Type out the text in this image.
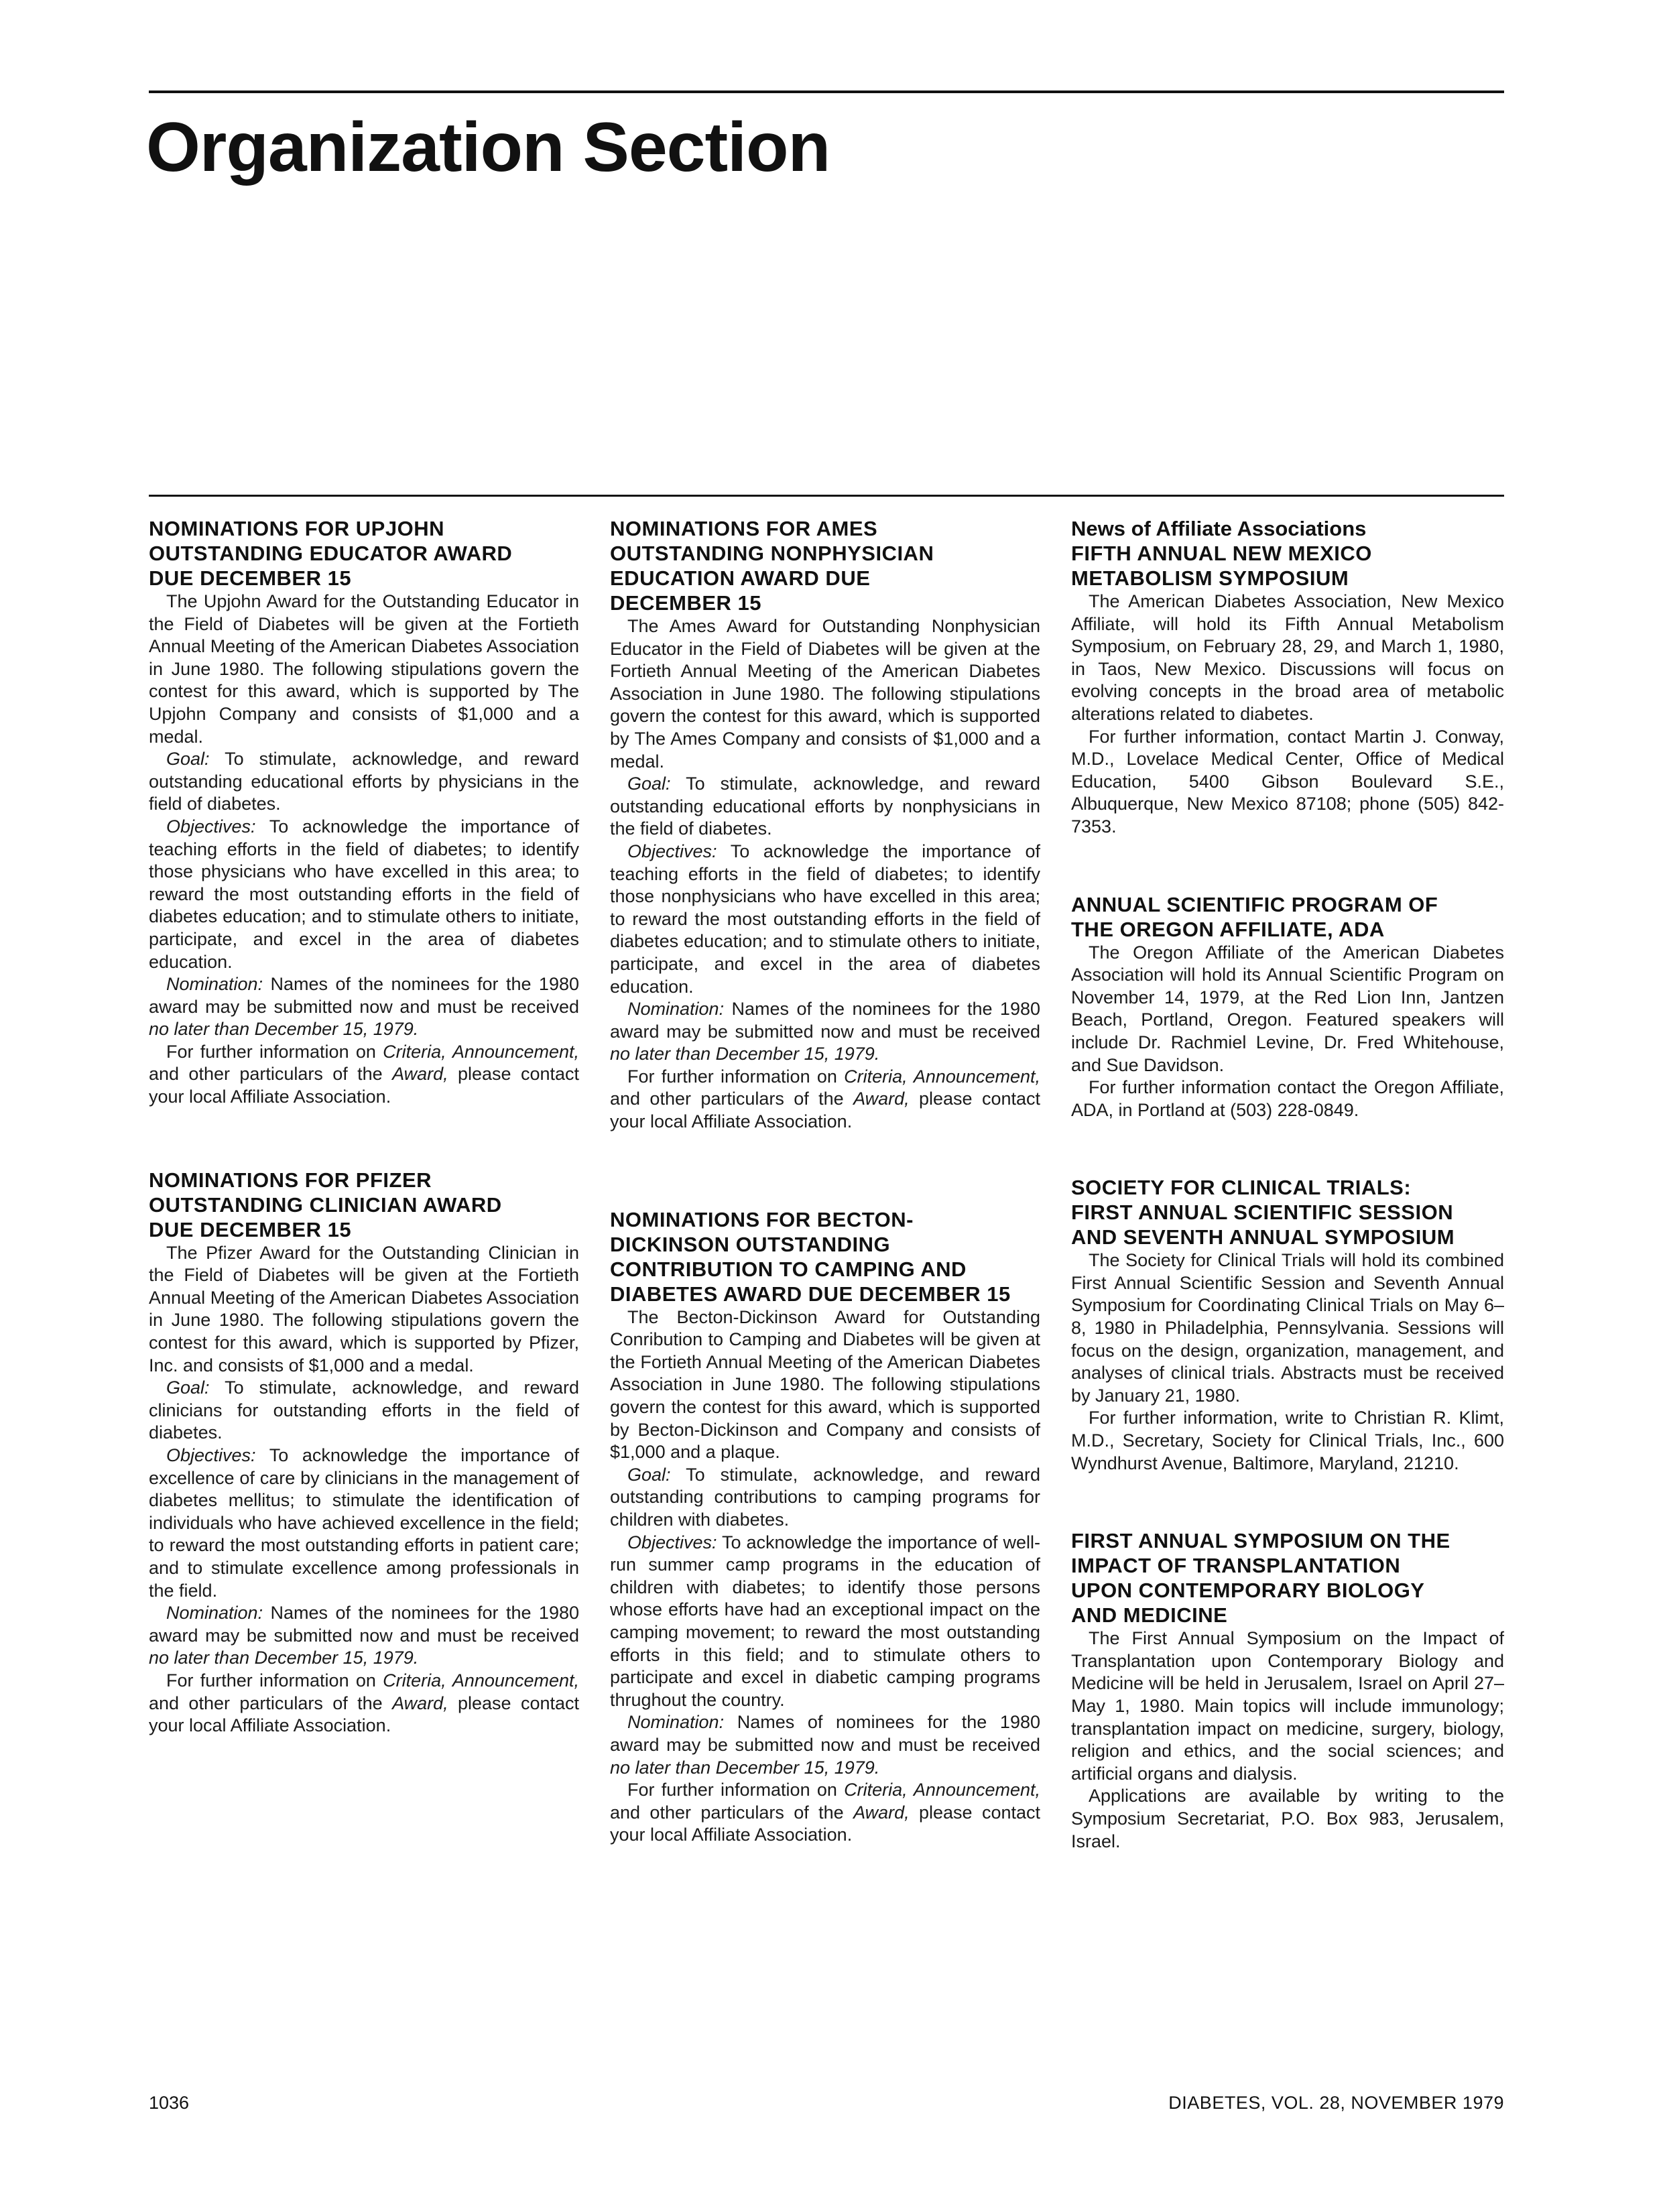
Organization Section
NOMINATIONS FOR UPJOHN
OUTSTANDING EDUCATOR AWARD
DUE DECEMBER 15

The Upjohn Award for the Outstanding Educator in the Field of Diabetes will be given at the Fortieth Annual Meeting of the American Diabetes Association in June 1980. The following stipulations govern the contest for this award, which is supported by The Upjohn Company and consists of $1,000 and a medal.

Goal: To stimulate, acknowledge, and reward outstanding educational efforts by physicians in the field of diabetes.

Objectives: To acknowledge the importance of teaching efforts in the field of diabetes; to identify those physicians who have excelled in this area; to reward the most outstanding efforts in the field of diabetes education; and to stimulate others to initiate, participate, and excel in the area of diabetes education.

Nomination: Names of the nominees for the 1980 award may be submitted now and must be received no later than December 15, 1979.

For further information on Criteria, Announcement, and other particulars of the Award, please contact your local Affiliate Association.

NOMINATIONS FOR PFIZER
OUTSTANDING CLINICIAN AWARD
DUE DECEMBER 15

The Pfizer Award for the Outstanding Clinician in the Field of Diabetes will be given at the Fortieth Annual Meeting of the American Diabetes Association in June 1980. The following stipulations govern the contest for this award, which is supported by Pfizer, Inc. and consists of $1,000 and a medal.

Goal: To stimulate, acknowledge, and reward clinicians for outstanding efforts in the field of diabetes.

Objectives: To acknowledge the importance of excellence of care by clinicians in the management of diabetes mellitus; to stimulate the identification of individuals who have achieved excellence in the field; to reward the most outstanding efforts in patient care; and to stimulate excellence among professionals in the field.

Nomination: Names of the nominees for the 1980 award may be submitted now and must be received no later than December 15, 1979.

For further information on Criteria, Announcement, and other particulars of the Award, please contact your local Affiliate Association.

NOMINATIONS FOR AMES
OUTSTANDING NONPHYSICIAN
EDUCATION AWARD DUE
DECEMBER 15

The Ames Award for Outstanding Nonphysician Educator in the Field of Diabetes will be given at the Fortieth Annual Meeting of the American Diabetes Association in June 1980. The following stipulations govern the contest for this award, which is supported by The Ames Company and consists of $1,000 and a medal.

Goal: To stimulate, acknowledge, and reward outstanding educational efforts by nonphysicians in the field of diabetes.

Objectives: To acknowledge the importance of teaching efforts in the field of diabetes; to identify those nonphysicians who have excelled in this area; to reward the most outstanding efforts in the field of diabetes education; and to stimulate others to initiate, participate, and excel in the area of diabetes education.

Nomination: Names of the nominees for the 1980 award may be submitted now and must be received no later than December 15, 1979.

For further information on Criteria, Announcement, and other particulars of the Award, please contact your local Affiliate Association.

NOMINATIONS FOR BECTON-
DICKINSON OUTSTANDING
CONTRIBUTION TO CAMPING AND
DIABETES AWARD DUE DECEMBER 15

The Becton-Dickinson Award for Outstanding Conribution to Camping and Diabetes will be given at the Fortieth Annual Meeting of the American Diabetes Association in June 1980. The following stipulations govern the contest for this award, which is supported by Becton-Dickinson and Company and consists of $1,000 and a plaque.

Goal: To stimulate, acknowledge, and reward outstanding contributions to camping programs for children with diabetes.

Objectives: To acknowledge the importance of well-run summer camp programs in the education of children with diabetes; to identify those persons whose efforts have had an exceptional impact on the camping movement; to reward the most outstanding efforts in this field; and to stimulate others to participate and excel in diabetic camping programs thrughout the country.

Nomination: Names of nominees for the 1980 award may be submitted now and must be received no later than December 15, 1979.

For further information on Criteria, Announcement, and other particulars of the Award, please contact your local Affiliate Association.

News of Affiliate Associations
FIFTH ANNUAL NEW MEXICO
METABOLISM SYMPOSIUM

The American Diabetes Association, New Mexico Affiliate, will hold its Fifth Annual Metabolism Symposium, on February 28, 29, and March 1, 1980, in Taos, New Mexico. Discussions will focus on evolving concepts in the broad area of metabolic alterations related to diabetes.

For further information, contact Martin J. Conway, M.D., Lovelace Medical Center, Office of Medical Education, 5400 Gibson Boulevard S.E., Albuquerque, New Mexico 87108; phone (505) 842-7353.

ANNUAL SCIENTIFIC PROGRAM OF
THE OREGON AFFILIATE, ADA

The Oregon Affiliate of the American Diabetes Association will hold its Annual Scientific Program on November 14, 1979, at the Red Lion Inn, Jantzen Beach, Portland, Oregon. Featured speakers will include Dr. Rachmiel Levine, Dr. Fred Whitehouse, and Sue Davidson.

For further information contact the Oregon Affiliate, ADA, in Portland at (503) 228-0849.

SOCIETY FOR CLINICAL TRIALS:
FIRST ANNUAL SCIENTIFIC SESSION
AND SEVENTH ANNUAL SYMPOSIUM

The Society for Clinical Trials will hold its combined First Annual Scientific Session and Seventh Annual Symposium for Coordinating Clinical Trials on May 6–8, 1980 in Philadelphia, Pennsylvania. Sessions will focus on the design, organization, management, and analyses of clinical trials. Abstracts must be received by January 21, 1980.

For further information, write to Christian R. Klimt, M.D., Secretary, Society for Clinical Trials, Inc., 600 Wyndhurst Avenue, Baltimore, Maryland, 21210.

FIRST ANNUAL SYMPOSIUM ON THE
IMPACT OF TRANSPLANTATION
UPON CONTEMPORARY BIOLOGY
AND MEDICINE

The First Annual Symposium on the Impact of Transplantation upon Contemporary Biology and Medicine will be held in Jerusalem, Israel on April 27–May 1, 1980. Main topics will include immunology; transplantation impact on medicine, surgery, biology, religion and ethics, and the social sciences; and artificial organs and dialysis.

Applications are available by writing to the Symposium Secretariat, P.O. Box 983, Jerusalem, Israel.

1036	DIABETES, VOL. 28, NOVEMBER 1979
